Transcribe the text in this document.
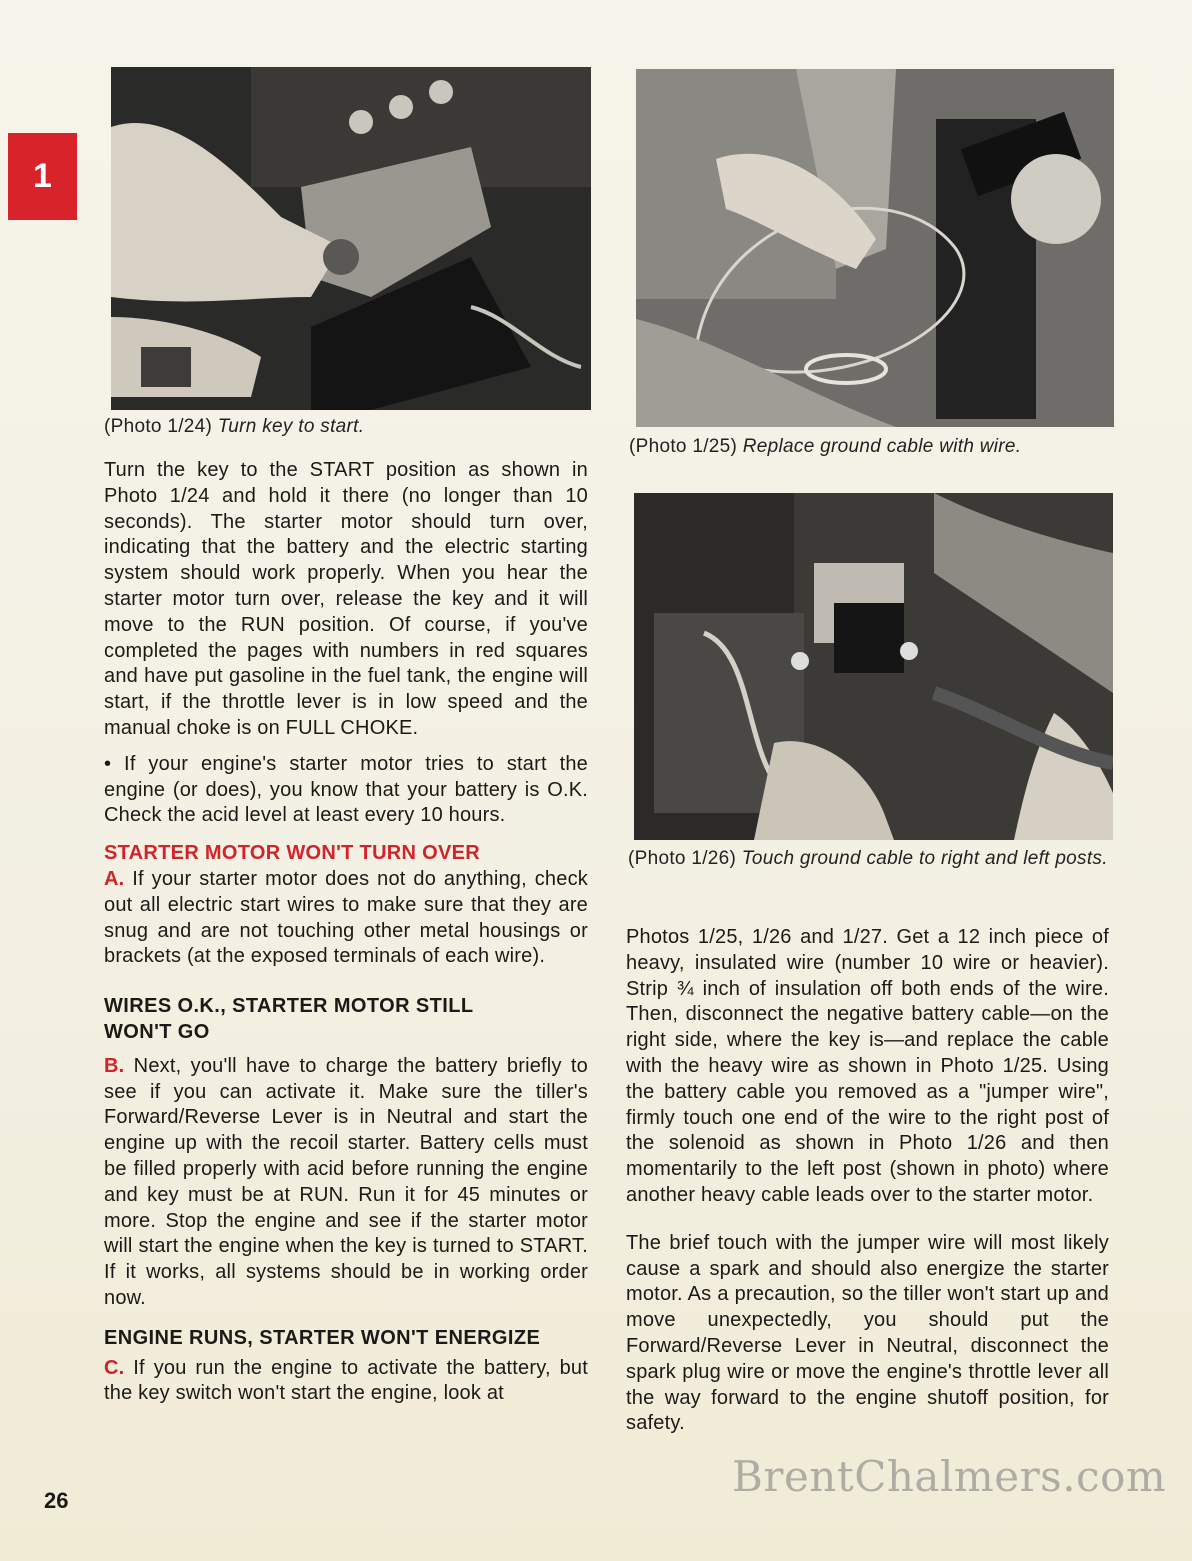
1
(Photo 1/24) Turn key to start.
(Photo 1/25) Replace ground cable with wire.
(Photo 1/26) Touch ground cable to right and left posts.

Turn the key to the START position as shown in Photo 1/24 and hold it there (no longer than 10 seconds). The starter motor should turn over, indicating that the battery and the electric starting system should work properly. When you hear the starter motor turn over, release the key and it will move to the RUN position. Of course, if you've completed the pages with numbers in red squares and have put gasoline in the fuel tank, the engine will start, if the throttle lever is in low speed and the manual choke is on FULL CHOKE.

• If your engine's starter motor tries to start the engine (or does), you know that your battery is O.K. Check the acid level at least every 10 hours.

STARTER MOTOR WON'T TURN OVER

A. If your starter motor does not do anything, check out all electric start wires to make sure that they are snug and are not touching other metal housings or brackets (at the exposed terminals of each wire).

WIRES O.K., STARTER MOTOR STILL WON'T GO

B. Next, you'll have to charge the battery briefly to see if you can activate it. Make sure the tiller's Forward/Reverse Lever is in Neutral and start the engine up with the recoil starter. Battery cells must be filled properly with acid before running the engine and key must be at RUN. Run it for 45 minutes or more. Stop the engine and see if the starter motor will start the engine when the key is turned to START. If it works, all systems should be in working order now.

ENGINE RUNS, STARTER WON'T ENERGIZE

C. If you run the engine to activate the battery, but the key switch won't start the engine, look at

Photos 1/25, 1/26 and 1/27. Get a 12 inch piece of heavy, insulated wire (number 10 wire or heavier). Strip ¾ inch of insulation off both ends of the wire. Then, disconnect the negative battery cable—on the right side, where the key is—and replace the cable with the heavy wire as shown in Photo 1/25. Using the battery cable you removed as a "jumper wire", firmly touch one end of the wire to the right post of the solenoid as shown in Photo 1/26 and then momentarily to the left post (shown in photo) where another heavy cable leads over to the starter motor.

The brief touch with the jumper wire will most likely cause a spark and should also energize the starter motor. As a precaution, so the tiller won't start up and move unexpectedly, you should put the Forward/Reverse Lever in Neutral, disconnect the spark plug wire or move the engine's throttle lever all the way forward to the engine shutoff position, for safety.

26	BrentChalmers.com
